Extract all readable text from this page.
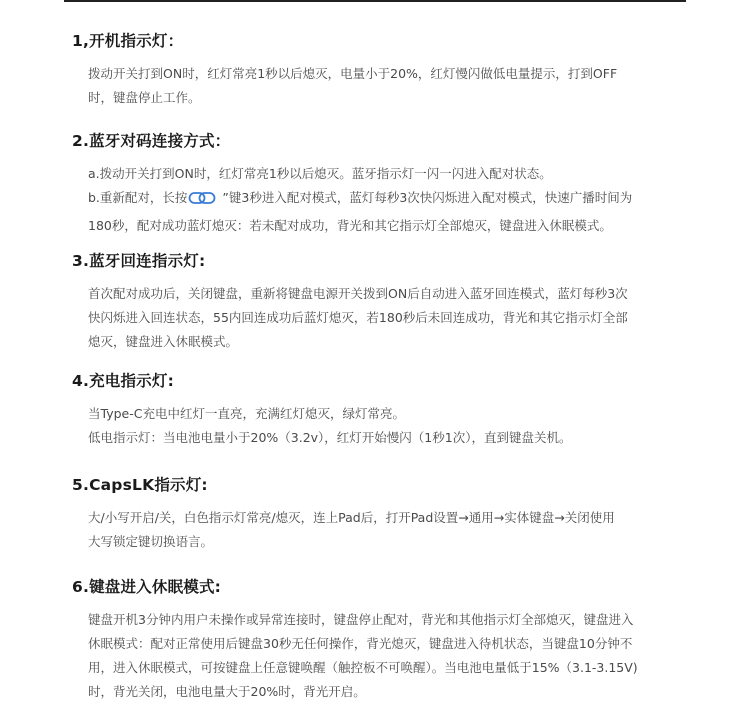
1,开机指示灯：

拨动开关打到ON时，红灯常亮1秒以后熄灭，电量小于20%，红灯慢闪做低电量提示，打到OFF
时，键盘停止工作。

2.蓝牙对码连接方式：

a.拨动开关打到ON时，红灯常亮1秒以后熄灭。蓝牙指示灯一闪一闪进入配对状态。
b.重新配对，长按 ”键3秒进入配对模式，蓝灯每秒3次快闪烁进入配对模式，快速广播时间为
180秒，配对成功蓝灯熄灭：若未配对成功，背光和其它指示灯全部熄灭，键盘进入休眠模式。

3.蓝牙回连指示灯:

首次配对成功后，关闭键盘，重新将键盘电源开关拨到ON后自动进入蓝牙回连模式，蓝灯每秒3次
快闪烁进入回连状态，55内回连成功后蓝灯熄灭，若180秒后未回连成功，背光和其它指示灯全部
熄灭，键盘进入休眠模式。

4.充电指示灯:

当Type-C充电中红灯一直亮，充满红灯熄灭，绿灯常亮。
低电指示灯：当电池电量小于20%（3.2v），红灯开始慢闪（1秒1次），直到键盘关机。

5.CapsLK指示灯:

大/小写开启/关，白色指示灯常亮/熄灭，连上Pad后，打开Pad设置→通用→实体键盘→关闭使用
大写锁定键切换语言。

6.键盘进入休眠模式:

键盘开机3分钟内用户未操作或异常连接时，键盘停止配对，背光和其他指示灯全部熄灭，键盘进入
休眠模式：配对正常使用后键盘30秒无任何操作，背光熄灭，键盘进入待机状态，当键盘10分钟不
用，进入休眠模式，可按键盘上任意键唤醒（触控板不可唤醒）。当电池电量低于15%（3.1-3.15V)
时，背光关闭，电池电量大于20%时，背光开启。
